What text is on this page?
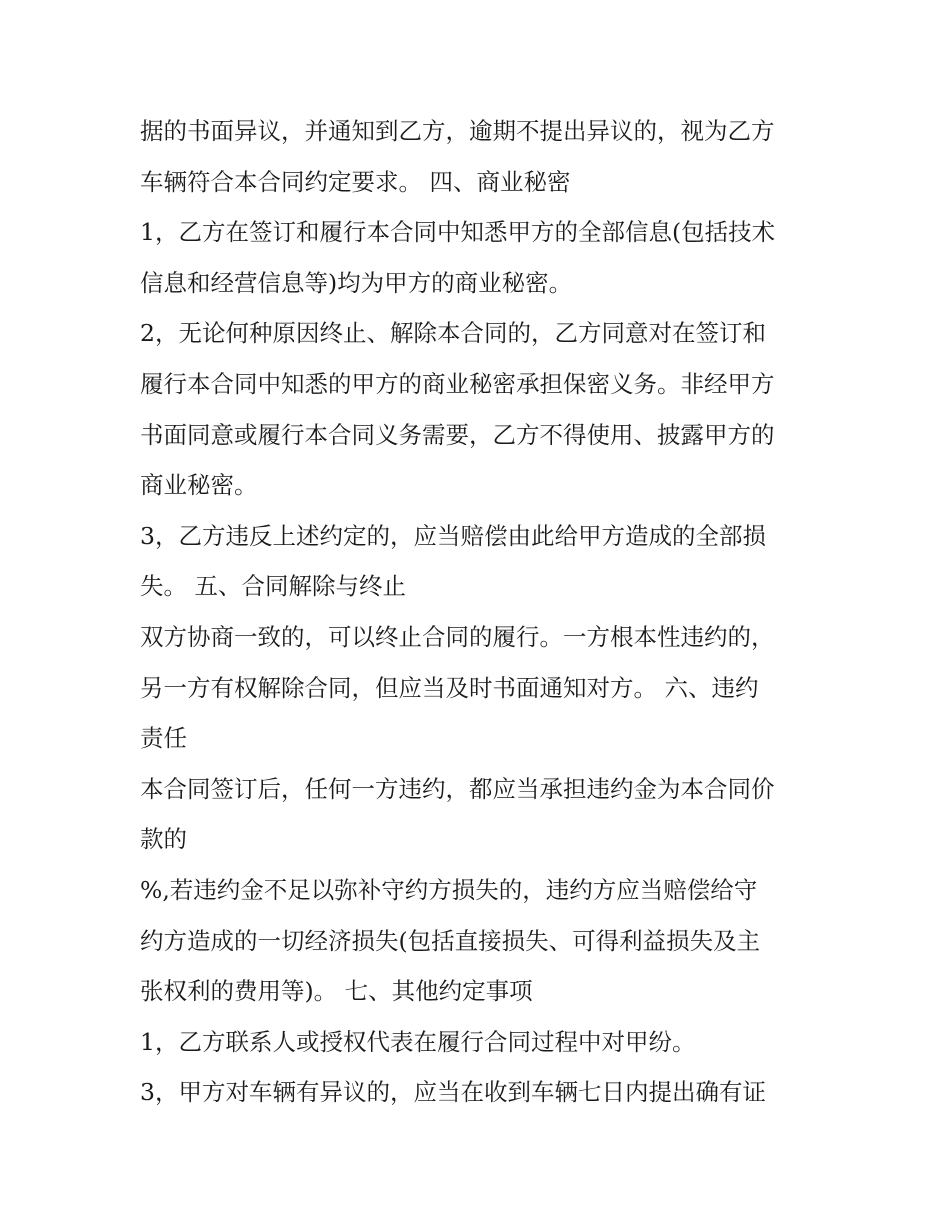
据的书面异议，并通知到乙方，逾期不提出异议的，视为乙方
车辆符合本合同约定要求。 四、商业秘密
1，乙方在签订和履行本合同中知悉甲方的全部信息(包括技术
信息和经营信息等)均为甲方的商业秘密。
2，无论何种原因终止、解除本合同的，乙方同意对在签订和
履行本合同中知悉的甲方的商业秘密承担保密义务。非经甲方
书面同意或履行本合同义务需要，乙方不得使用、披露甲方的
商业秘密。
3，乙方违反上述约定的，应当赔偿由此给甲方造成的全部损
失。 五、合同解除与终止
双方协商一致的，可以终止合同的履行。一方根本性违约的，
另一方有权解除合同，但应当及时书面通知对方。 六、违约
责任
本合同签订后，任何一方违约，都应当承担违约金为本合同价
款的
%,若违约金不足以弥补守约方损失的，违约方应当赔偿给守
约方造成的一切经济损失(包括直接损失、可得利益损失及主
张权利的费用等)。 七、其他约定事项
1，乙方联系人或授权代表在履行合同过程中对甲纷。
3，甲方对车辆有异议的，应当在收到车辆七日内提出确有证
